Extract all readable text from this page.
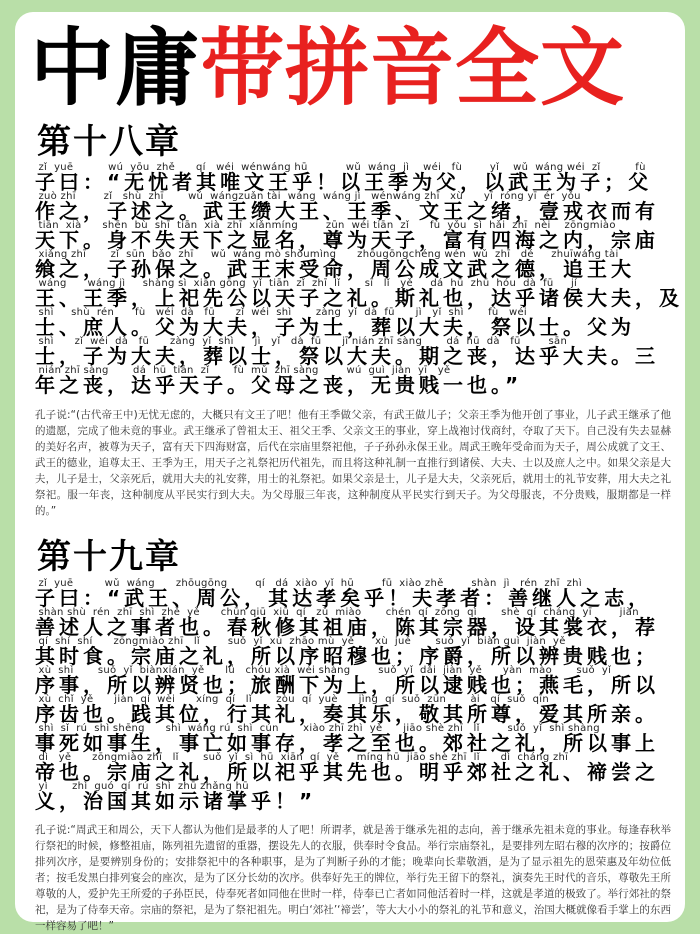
中庸带拼音全文
第十八章
zǐ  yuē          wú  yōu  zhě      qí   wéi  wénwáng hū           wǔ  wáng  jì    wéi   fù        yǐ    wǔ  wáng wéi  zǐ          fù
子曰：“无忧者其唯文王乎！以王季为父，以武王为子；父
zuò zhī        zǐ   shù  zhī       wǔ  wángzuǎn tài  wáng  wáng jì   wénwáng zhī   xù      yī  róng yī  ér  yǒu
作之，子述之。武王缵大王、王季、文王之绪，壹戎衣而有
tiān  xià      shēn  bù  shī  tiān  xià  zhī  xiǎnmíng        zūn  wéi tiān  zǐ      fù  yǒu  sì  hǎi  zhī  nèi    zōngmiào
天下。身不失天下之显名，尊为天子，富有四海之内，宗庙
xiǎng zhī       zǐ  sūn  bǎo  zhī     wǔ  wáng mò shòumìng      zhōugōngchéng wén  wǔ  zhī   dé     zhuīwáng tài
飨之，子孙保之。武王末受命，周公成文武之德，追王大
wáng      wáng jì     shàng sì  xiān gōng  yǐ  tiān  zǐ  zhī  lǐ       sī   lǐ   yě     dá  hū  zhū  hóu  dà  fū     jí
王、王季，上祀先公以天子之礼。斯礼也，达乎诸侯大夫，及
shì     shù  rén      fù   wéi  dà   fū      zǐ  wéi  shì       zàng  yǐ  dà  fū      jì   yǐ  shì       fù   wéi
士、庶人。父为大夫，子为士，葬以大夫，祭以士。父为
shì      zǐ  wéi  dà   fū      zàng  yǐ  shì      jì   yǐ   dà  fū      jī nián zhī sàng       dá  hū  dà   fū        sān
士，子为大夫，葬以士，祭以大夫。期之丧，达乎大夫。三
nián zhī sàng       dá  hū  tiān  zǐ       fù  mǔ  zhī sàng        wú  guì  jiàn  yī   yě
年之丧，达乎天子。父母之丧，无贵贱一也。”
孔子说:“(古代帝王中)无忧无虑的，大概只有文王了吧！他有王季做父亲，有武王做儿子；父亲王季为他开创了事业，儿子武王继承了他的遗愿，完成了他未竟的事业。武王继承了曾祖太王、祖父王季、父亲文王的事业，穿上战袍讨伐商纣，夺取了天下。自己没有失去显赫的美好名声，被尊为天子，富有天下四海财富，后代在宗庙里祭祀他，子子孙孙永保王业。周武王晚年受命而为天子，周公成就了文王、武王的德业，追尊太王、王季为王，用天子之礼祭祀历代祖先，而且将这种礼制一直推行到诸侯、大夫、士以及庶人之中。如果父亲是大夫，儿子是士，父亲死后，就用大夫的礼安葬，用士的礼祭祀。如果父亲是士，儿子是大夫，父亲死后，就用士的礼节安葬，用大夫之礼祭祀。服一年丧，这种制度从平民实行到大夫。为父母服三年丧，这种制度从平民实行到天子。为父母服丧，不分贵贱，服期都是一样的。”
第十九章
zǐ  yuē         wǔ  wáng      zhōugōng        qí   dá  xiào  yǐ  hū        fū  xiào zhě        shàn  jì   rén  zhī  zhì
子曰：“武王、周公，其达孝矣乎！夫孝者：善继人之志，
shàn shù  rén  zhī  shì  zhě  yě      chūn qiū  xiū  qí   zǔ  miào       chén  qí  zōng  qì       shè  qí  cháng  yī        jiàn
善述人之事者也。春秋修其祖庙，陈其宗器，设其裳衣，荐
qí  shí  shí      zōngmiào zhī   lǐ        suǒ  yǐ  xù  zhāo mù  yě      xù  jué       suǒ  yǐ  biàn guì  jiàn  yě
其时食。宗庙之礼，所以序昭穆也；序爵，所以辨贵贱也；
xù  shì       suǒ  yǐ  biànxián  yě      lǚ   chóu xià  wéi shàng        suǒ  yǐ  dǎi  jiàn  yě      yàn  mào       suǒ  yǐ
序事，所以辨贤也；旅酬下为上，所以逮贱也；燕毛，所以
xù  chǐ  yě      jiàn  qí  wèi      xíng  qí   lǐ       zòu  qí  yuè      jìng  qí  suǒ  zūn       ài   qí  suǒ  qīn
序齿也。践其位，行其礼，奏其乐，敬其所尊，爱其所亲。
shì  sǐ  rú  shì shēng      shì  wáng rú  shì  cún       xiào zhī zhì  yě      jiāo shè zhī   lǐ        suǒ  yǐ  shì shàng
事死如事生，事亡如事存，孝之至也。郊社之礼，所以事上
dì   yě      zōngmiào zhī   lǐ       suǒ  yǐ  sì  hū  xiān  qí  yě     míng hū  jiāo shè zhī  lǐ      dì  cháng zhī
帝也。宗庙之礼，所以祀乎其先也。明乎郊社之礼、禘尝之
yì       zhì  guó  qí  rú  shì  zhū zhǎng hū
义，治国其如示诸掌乎！”
孔子说:“周武王和周公，天下人都认为他们是最孝的人了吧！所谓孝，就是善于继承先祖的志向，善于继承先祖未竟的事业。每逢春秋举行祭祀的时候，修整祖庙，陈列祖先遗留的重器，摆设先人的衣服，供奉时令食品。举行宗庙祭礼，是要排列左昭右穆的次序的；按爵位排列次序，是要辨别身份的；安排祭祀中的各种职事，是为了判断子孙的才能；晚辈向长辈敬酒，是为了显示祖先的恩荣惠及年幼位低者；按毛发黑白排列宴会的座次，是为了区分长幼的次序。供奉好先王的牌位，举行先王留下的祭礼，演奏先王时代的音乐，尊敬先王所尊敬的人，爱护先王所爱的子孙臣民，侍奉死者如同他在世时一样，侍奉已亡者如同他活着时一样，这就是孝道的极致了。举行郊社的祭祀，是为了侍奉天帝。宗庙的祭祀，是为了祭祀祖先。明白‘郊社’‘禘尝’，等大大小小的祭礼的礼节和意义，治国大概就像看手掌上的东西一样容易了吧！”
